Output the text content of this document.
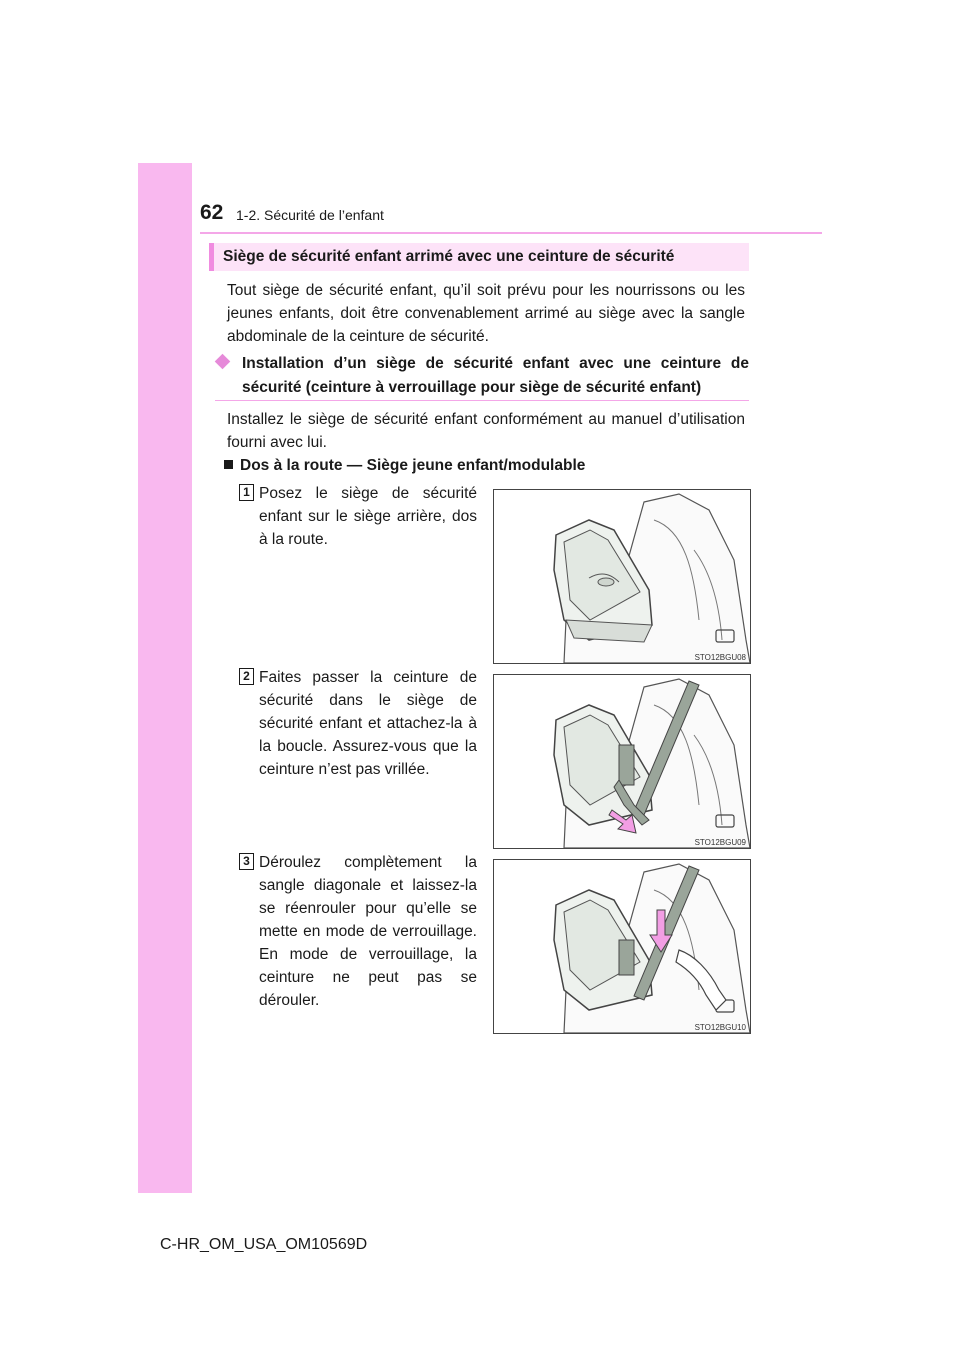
62 1-2. Sécurité de l’enfant
Siège de sécurité enfant arrimé avec une ceinture de sécurité
Tout siège de sécurité enfant, qu’il soit prévu pour les nourrissons ou les jeunes enfants, doit être convenablement arrimé au siège avec la sangle abdominale de la ceinture de sécurité.
Installation d’un siège de sécurité enfant avec une ceinture de sécurité (ceinture à verrouillage pour siège de sécurité enfant)
Installez le siège de sécurité enfant conformément au manuel d’utilisation fourni avec lui.
Dos à la route — Siège jeune enfant/modulable
1 Posez le siège de sécurité enfant sur le siège arrière, dos à la route.
STO12BGU08
2 Faites passer la ceinture de sécurité dans le siège de sécurité enfant et attachez-la à la boucle. Assurez-vous que la ceinture n’est pas vrillée.
STO12BGU09
3 Déroulez complètement la sangle diagonale et laissez-la se réenrouler pour qu’elle se mette en mode de verrouillage. En mode de verrouillage, la ceinture ne peut pas se dérouler.
STO12BGU10
C-HR_OM_USA_OM10569D
